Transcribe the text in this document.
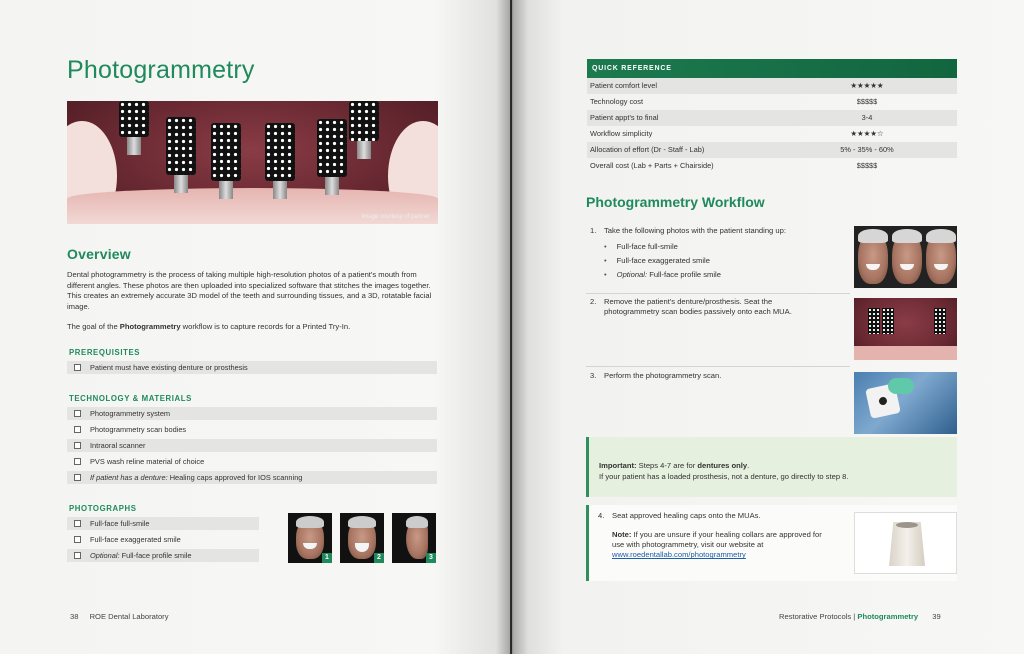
Photogrammetry
Image courtesy of partner
Overview
Dental photogrammetry is the process of taking multiple high-resolution photos of a patient's mouth from different angles. These photos are then uploaded into specialized software that stitches the images together. This creates an extremely accurate 3D model of the teeth and surrounding tissues, and a 3D, rotatable facial image.
The goal of the Photogrammetry workflow is to capture records for a Printed Try-In.
PREREQUISITES
Patient must have existing denture or prosthesis
TECHNOLOGY & MATERIALS
Photogrammetry system
Photogrammetry scan bodies
Intraoral scanner
PVS wash reline material of choice
If patient has a denture: Healing caps approved for IOS scanning
PHOTOGRAPHS
Full-face full-smile
Full-face exaggerated smile
Optional: Full-face profile smile	1	2	3
38 ROE Dental Laboratory
QUICK REFERENCE
Patient comfort level	★★★★★
Technology cost	$$$$$
Patient appt's to final	3-4
Workflow simplicity	★★★★☆
Allocation of effort (Dr - Staff - Lab)	5% - 35% - 60%
Overall cost (Lab + Parts + Chairside)	$$$$$
Photogrammetry Workflow
1. Take the following photos with the patient standing up:
• Full-face full-smile
• Full-face exaggerated smile
• Optional: Full-face profile smile
2. Remove the patient's denture/prosthesis. Seat the
photogrammetry scan bodies passively onto each MUA.
3. Perform the photogrammetry scan.
Important: Steps 4-7 are for dentures only.
If your patient has a loaded prosthesis, not a denture, go directly to step 8.
4. Seat approved healing caps onto the MUAs.
Note: If you are unsure if your healing collars are approved for
use with photogrammetry, visit our website at
www.roedentallab.com/photogrammetry
Restorative Protocols | Photogrammetry 39
